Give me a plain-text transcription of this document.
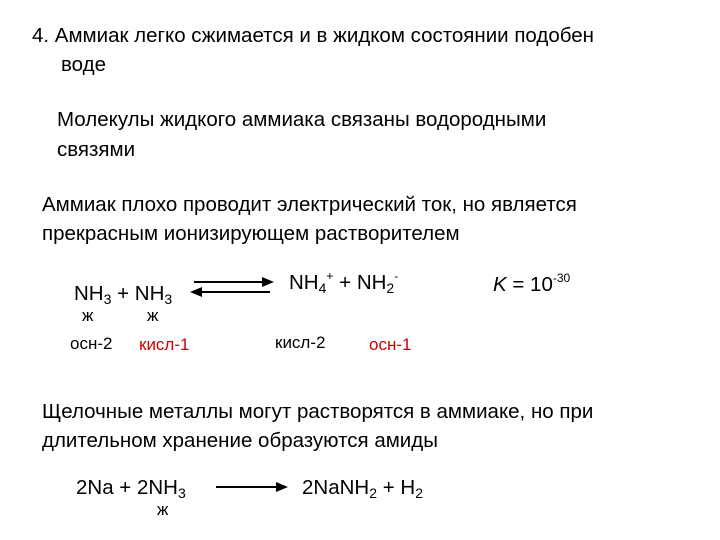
4. Аммиак легко сжимается и в жидком состоянии подобен
воде
Молекулы жидкого аммиака связаны водородными
связями
Аммиак плохо проводит электрический ток, но является
прекрасным ионизирующем растворителем
$NH_3 + NH_3$
$NH_4^+ + NH_2^-$	$K = 10^{-30}$
ж	ж
осн-2 кисл-1	кисл-2	осн-1
Щелочные металлы могут растворятся в аммиаке, но при
длительном хранение образуются амиды
$2Na + 2NH_3$
ж
2NaNH$_2$ + $H_2$
